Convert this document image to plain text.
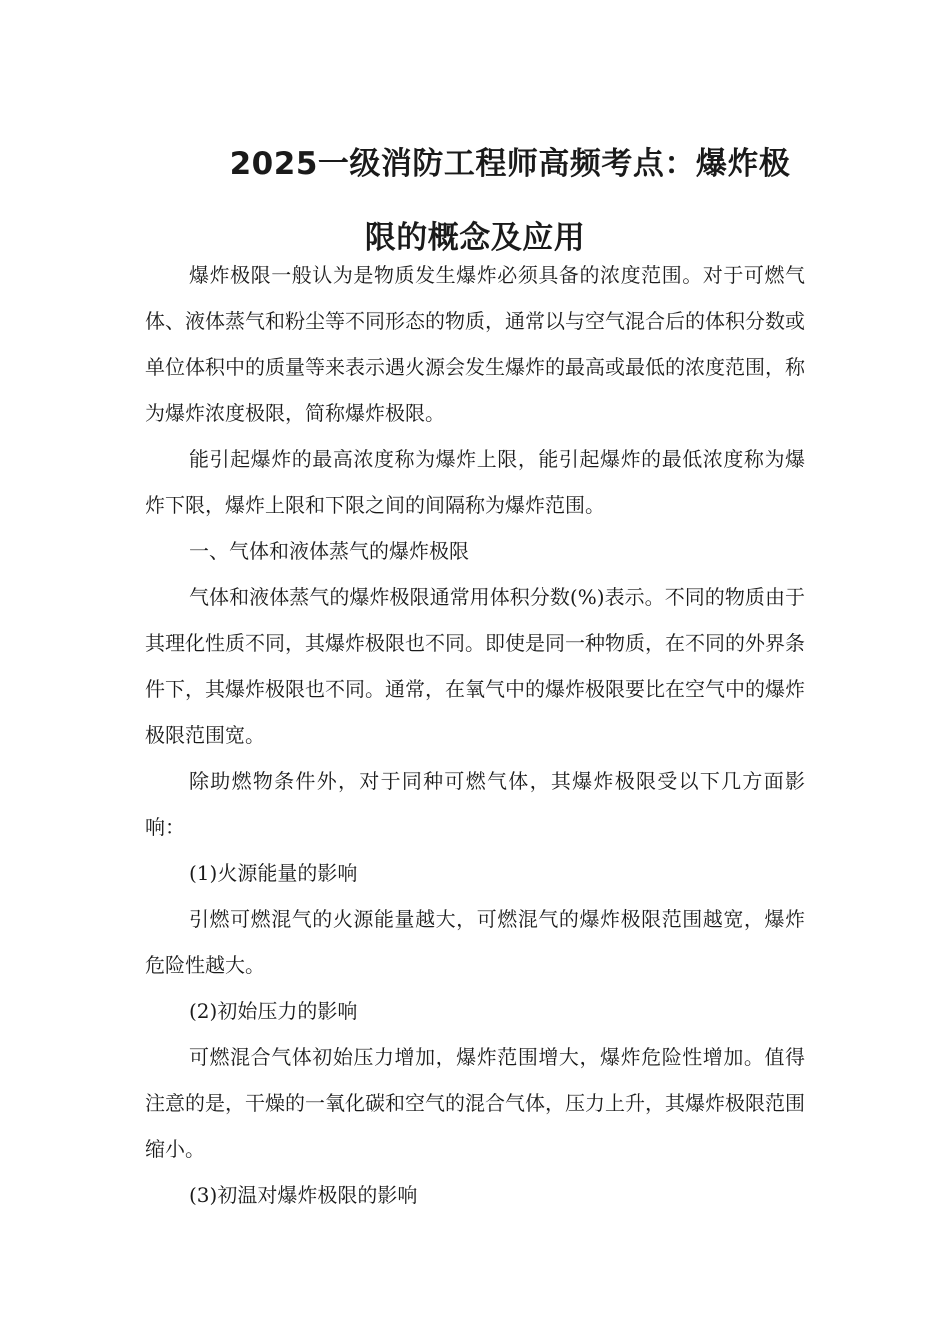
2025一级消防工程师高频考点：爆炸极
限的概念及应用

爆炸极限一般认为是物质发生爆炸必须具备的浓度范围。对于可燃气体、液体蒸气和粉尘等不同形态的物质，通常以与空气混合后的体积分数或单位体积中的质量等来表示遇火源会发生爆炸的最高或最低的浓度范围，称为爆炸浓度极限，简称爆炸极限。

能引起爆炸的最高浓度称为爆炸上限，能引起爆炸的最低浓度称为爆炸下限，爆炸上限和下限之间的间隔称为爆炸范围。

一、气体和液体蒸气的爆炸极限

气体和液体蒸气的爆炸极限通常用体积分数(%)表示。不同的物质由于其理化性质不同，其爆炸极限也不同。即使是同一种物质，在不同的外界条件下，其爆炸极限也不同。通常，在氧气中的爆炸极限要比在空气中的爆炸极限范围宽。

除助燃物条件外，对于同种可燃气体，其爆炸极限受以下几方面影响：

(1)火源能量的影响

引燃可燃混气的火源能量越大，可燃混气的爆炸极限范围越宽，爆炸危险性越大。

(2)初始压力的影响

可燃混合气体初始压力增加，爆炸范围增大，爆炸危险性增加。值得注意的是，干燥的一氧化碳和空气的混合气体，压力上升，其爆炸极限范围缩小。

(3)初温对爆炸极限的影响
